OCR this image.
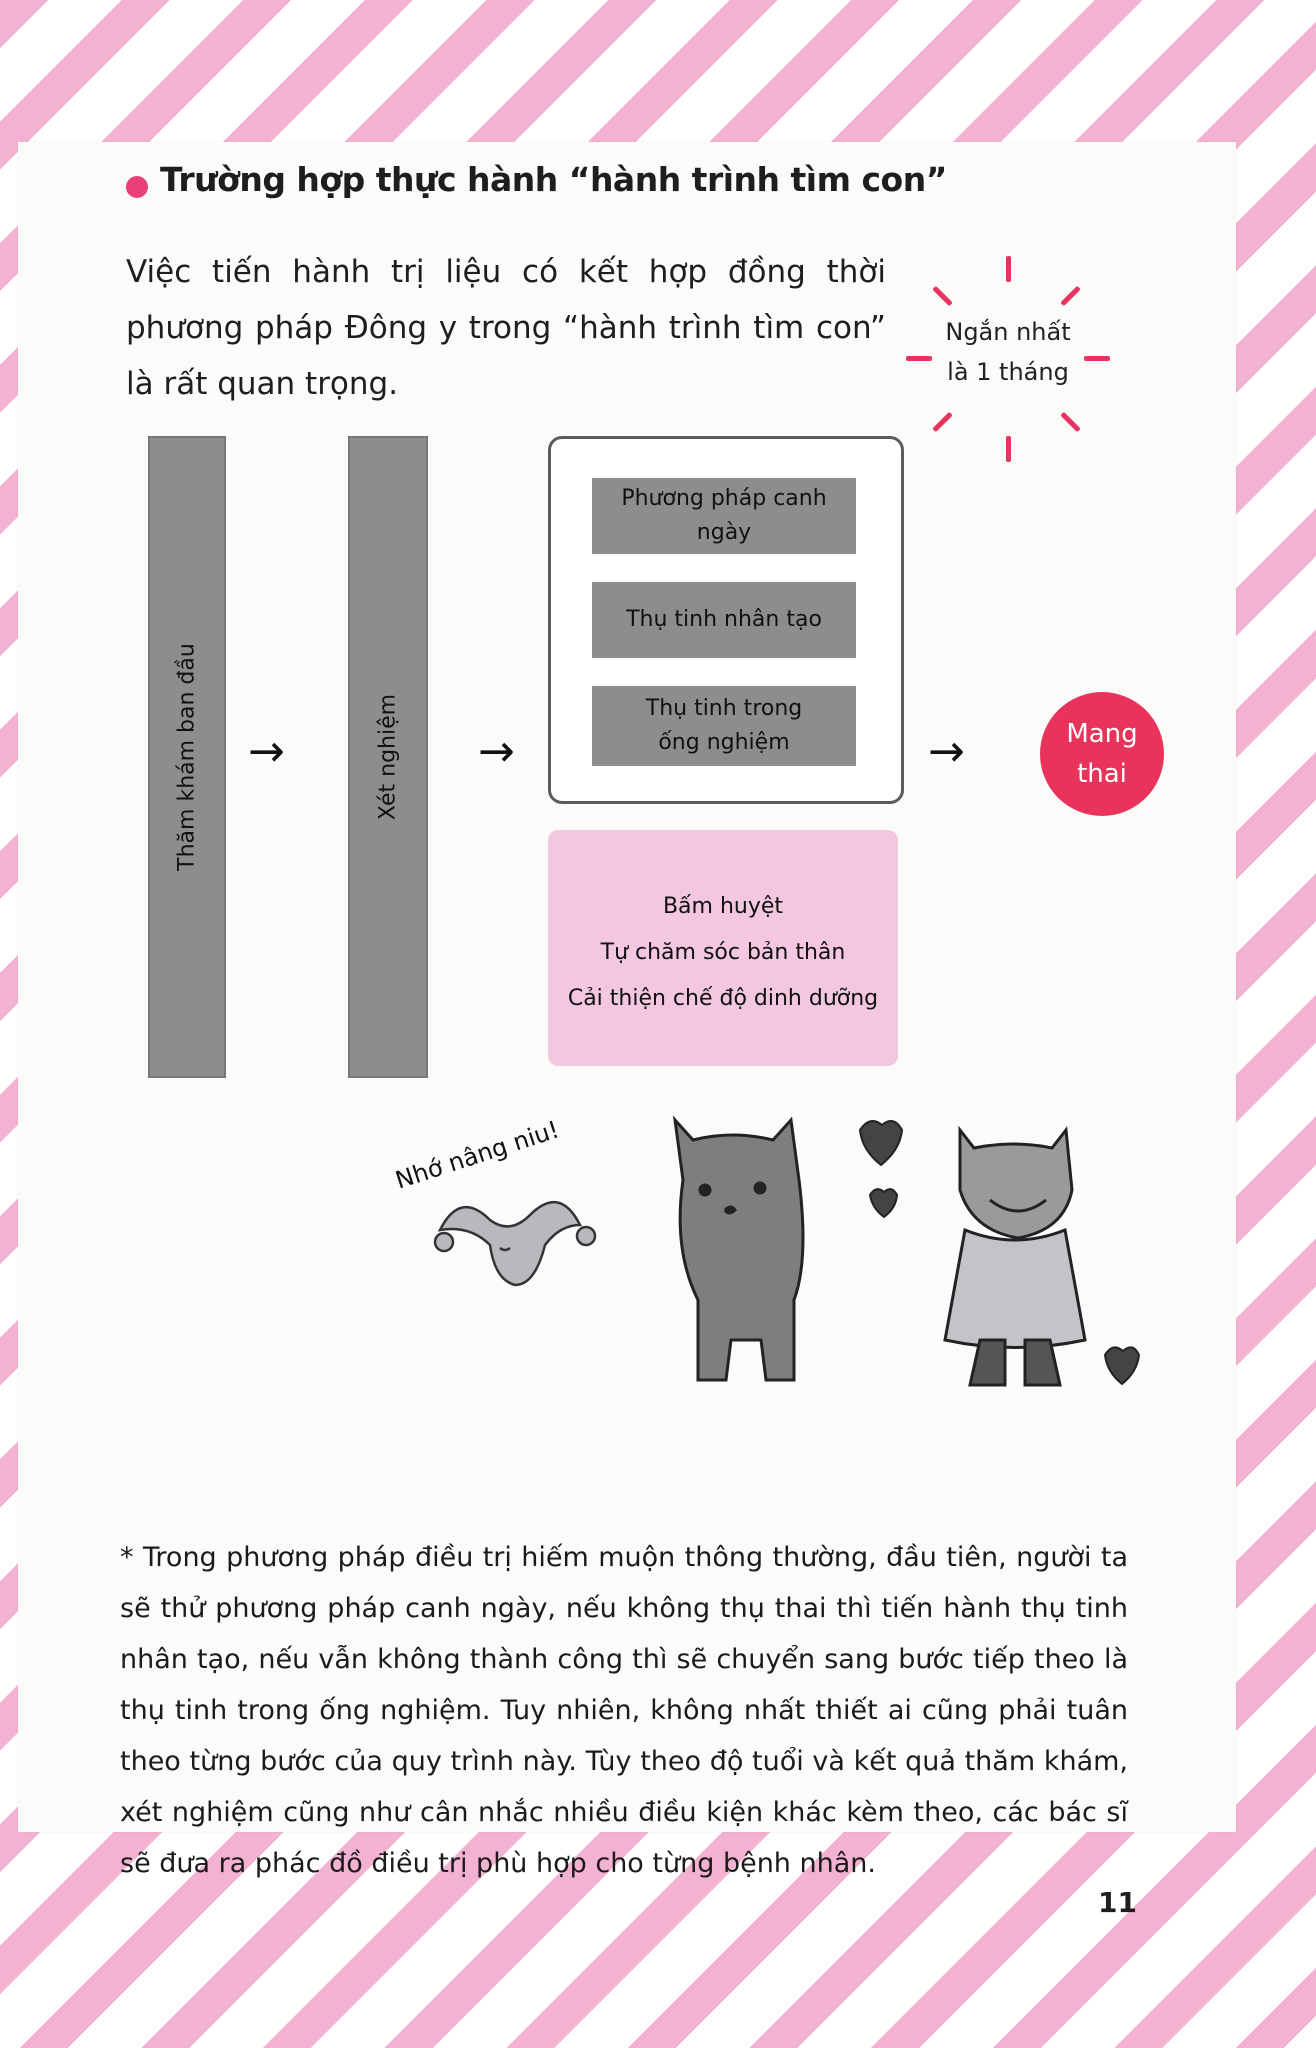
Trường hợp thực hành “hành trình tìm con”
Việc tiến hành trị liệu có kết hợp đồng thời phương pháp Đông y trong “hành trình tìm con” là rất quan trọng.
Ngắn nhất
là 1 tháng
Thăm khám ban đầu →	Xét nghiệm →
Phương pháp canh ngày
Thụ tinh nhân tạo
Thụ tinh trong
ống nghiệm	→	Mang
thai
Bấm huyệt
Tự chăm sóc bản thân
Cải thiện chế độ dinh dưỡng
Nhớ nâng niu!
* Trong phương pháp điều trị hiếm muộn thông thường, đầu tiên, người ta sẽ thử phương pháp canh ngày, nếu không thụ thai thì tiến hành thụ tinh nhân tạo, nếu vẫn không thành công thì sẽ chuyển sang bước tiếp theo là thụ tinh trong ống nghiệm. Tuy nhiên, không nhất thiết ai cũng phải tuân theo từng bước của quy trình này. Tùy theo độ tuổi và kết quả thăm khám, xét nghiệm cũng như cân nhắc nhiều điều kiện khác kèm theo, các bác sĩ sẽ đưa ra phác đồ điều trị phù hợp cho từng bệnh nhân.
11
